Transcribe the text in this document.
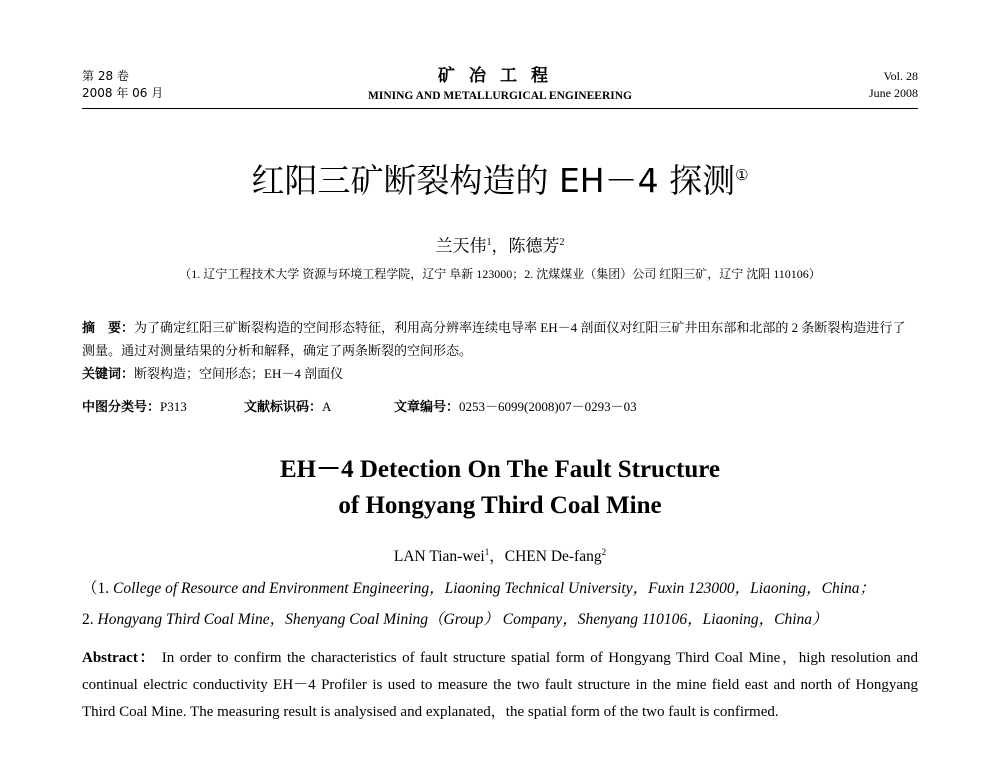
第 28 卷
2008 年 06 月
矿冶工程
MINING AND METALLURGICAL ENGINEERING
Vol. 28
June 2008
红阳三矿断裂构造的 EH－4 探测①
兰天伟$^1$，陈德芳$^2$
（1. 辽宁工程技术大学 资源与环境工程学院，辽宁 阜新 123000；2. 沈煤煤业（集团）公司 红阳三矿，辽宁 沈阳 110106）
摘　要：为了确定红阳三矿断裂构造的空间形态特征，利用高分辨率连续电导率 EH－4 剖面仪对红阳三矿井田东部和北部的 2 条断裂构造进行了测量。通过对测量结果的分析和解释，确定了两条断裂的空间形态。
关键词：断裂构造；空间形态；EH－4 剖面仪
中图分类号：P313	文献标识码：A	文章编号：0253－6099(2008)07－0293－03
EH－4 Detection On The Fault Structure
of Hongyang Third Coal Mine
LAN Tian-wei$^1$，CHEN De-fang$^2$
（1. College of Resource and Environment Engineering，Liaoning Technical University，Fuxin 123000，Liaoning，China；
2. Hongyang Third Coal Mine，Shenyang Coal Mining（Group） Company，Shenyang 110106，Liaoning，China）
Abstract： In order to confirm the characteristics of fault structure spatial form of Hongyang Third Coal Mine，high resolution and continual electric conductivity EH－4 Profiler is used to measure the two fault structure in the mine field east and north of Hongyang Third Coal Mine. The measuring result is analysised and explanated，the spatial form of the two fault is confirmed.
